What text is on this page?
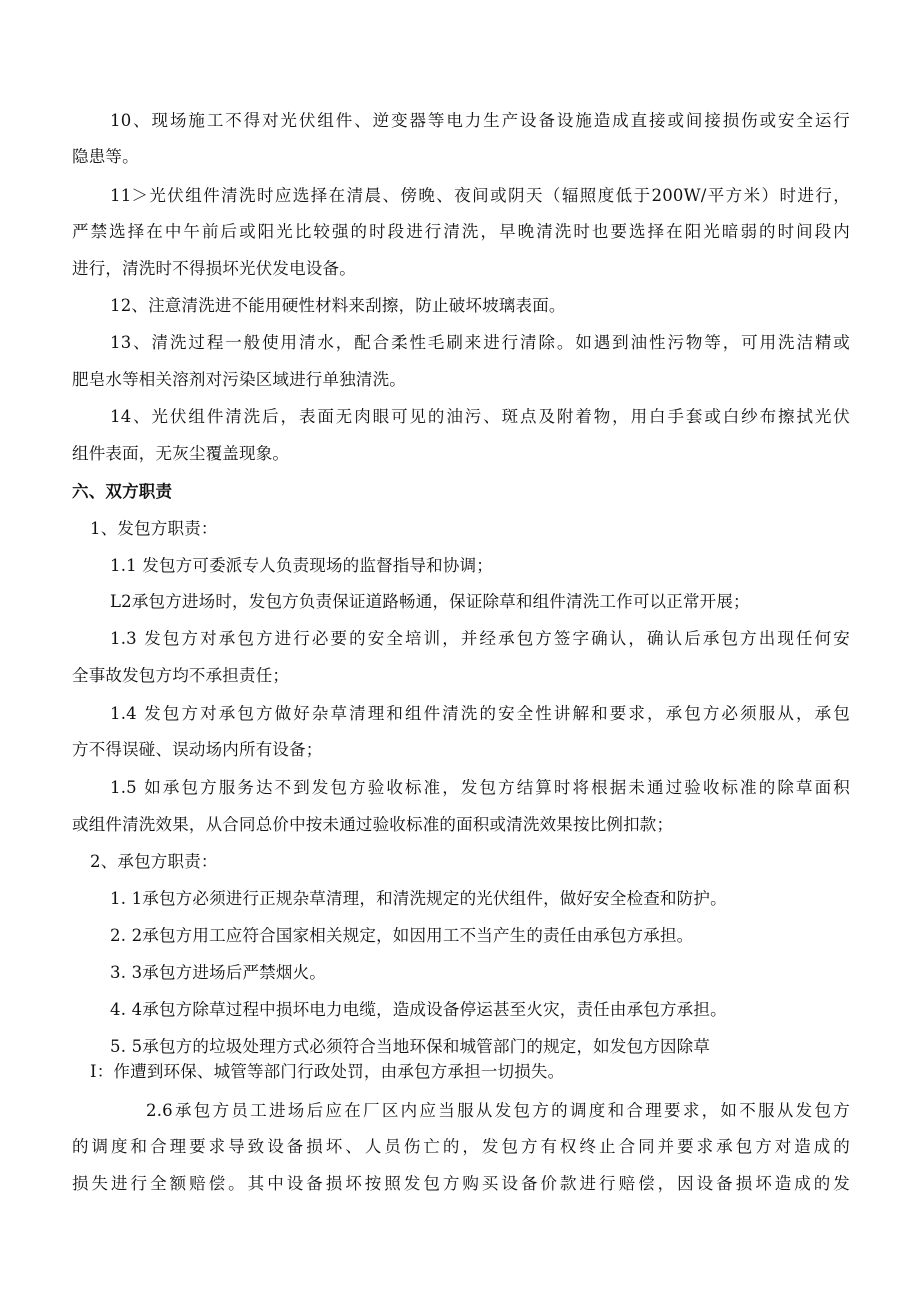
10、现场施工不得对光伏组件、逆变器等电力生产设备设施造成直接或间接损伤或安全运行
隐患等。
11＞光伏组件清洗时应选择在清晨、傍晚、夜间或阴天（辐照度低于200W/平方米）时进行，
严禁选择在中午前后或阳光比较强的时段进行清洗，早晚清洗时也要选择在阳光暗弱的时间段内
进行，清洗时不得损坏光伏发电设备。
12、注意清洗进不能用硬性材料来刮擦，防止破坏坡璃表面。
13、清洗过程一般使用清水，配合柔性毛刷来进行清除。如遇到油性污物等，可用洗洁精或
肥皂水等相关溶剂对污染区域进行单独清洗。
14、光伏组件清洗后，表面无肉眼可见的油污、斑点及附着物，用白手套或白纱布擦拭光伏
组件表面，无灰尘覆盖现象。
六、双方职责
1、发包方职责：
1.1 发包方可委派专人负责现场的监督指导和协调；
L2承包方进场时，发包方负责保证道路畅通，保证除草和组件清洗工作可以正常开展；
1.3 发包方对承包方进行必要的安全培训，并经承包方签字确认，确认后承包方出现任何安
全事故发包方均不承担责任；
1.4 发包方对承包方做好杂草清理和组件清洗的安全性讲解和要求，承包方必须服从，承包
方不得误碰、误动场内所有设备；
1.5 如承包方服务达不到发包方验收标准，发包方结算时将根据未通过验收标准的除草面积
或组件清洗效果，从合同总价中按未通过验收标准的面积或清洗效果按比例扣款；
2、承包方职责：
1. 1承包方必须进行正规杂草清理，和清洗规定的光伏组件，做好安全检查和防护。
2. 2承包方用工应符合国家相关规定，如因用工不当产生的责任由承包方承担。
3. 3承包方进场后严禁烟火。
4. 4承包方除草过程中损坏电力电缆，造成设备停运甚至火灾，责任由承包方承担。
5. 5承包方的垃圾处理方式必须符合当地环保和城管部门的规定，如发包方因除草
I：作遭到环保、城管等部门行政处罚，由承包方承担一切损失。
2.6承包方员工进场后应在厂区内应当服从发包方的调度和合理要求，如不服从发包方
的调度和合理要求导致设备损坏、人员伤亡的，发包方有权终止合同并要求承包方对造成的
损失进行全额赔偿。其中设备损坏按照发包方购买设备价款进行赔偿，因设备损坏造成的发
